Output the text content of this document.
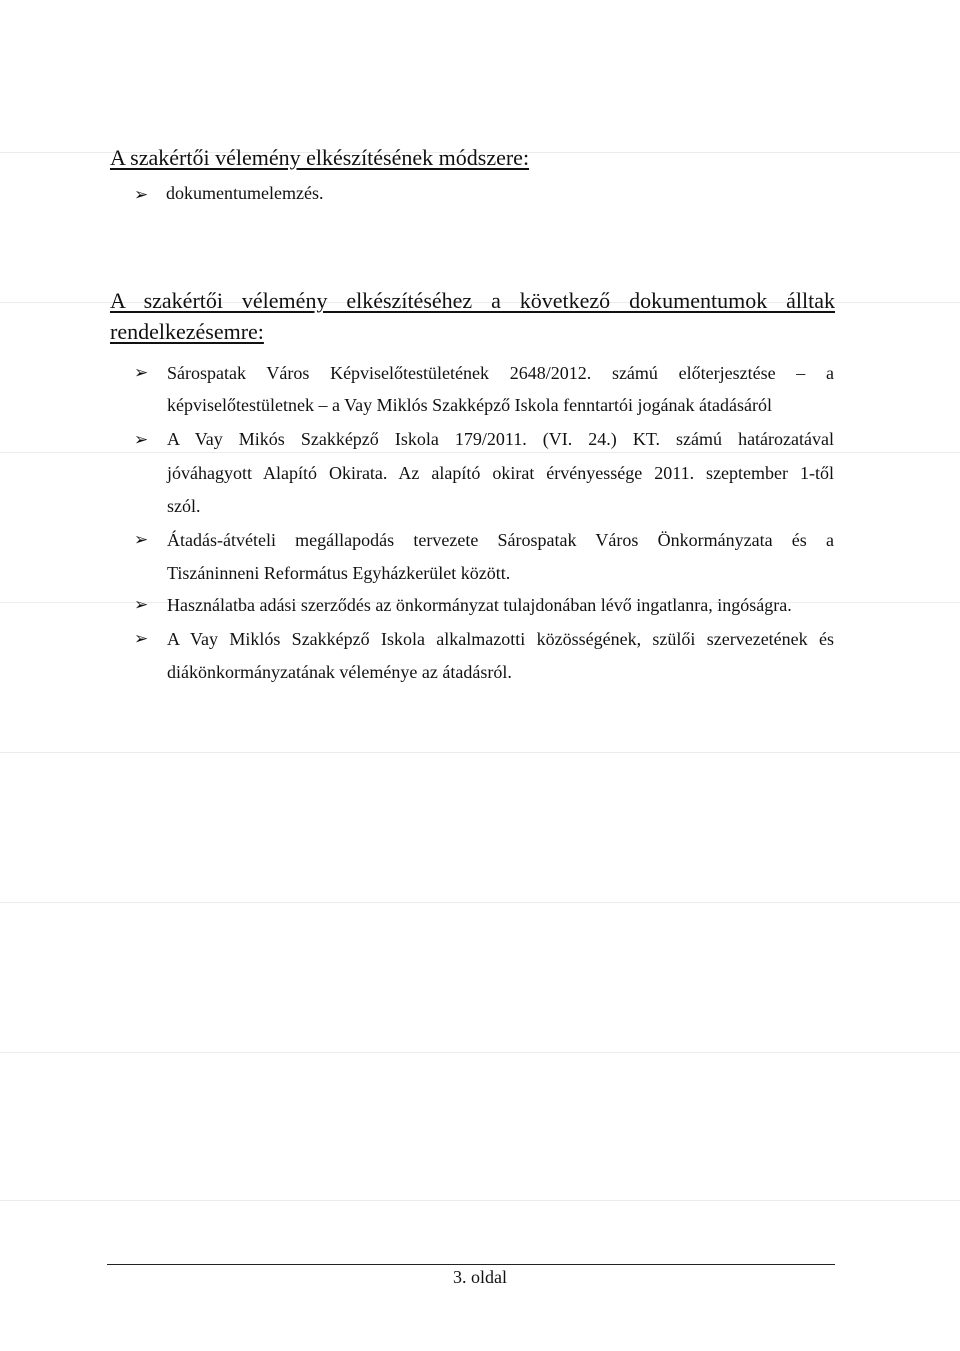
A szakértői vélemény elkészítésének módszere:
➢ dokumentumelemzés.
A szakértői vélemény elkészítéséhez a következő dokumentumok álltak
rendelkezésemre:
➢ Sárospatak Város Képviselőtestületének 2648/2012. számú előterjesztése – a
képviselőtestületnek – a Vay Miklós Szakképző Iskola fenntartói jogának átadásáról
➢ A Vay Mikós Szakképző Iskola 179/2011. (VI. 24.) KT. számú határozatával
jóváhagyott Alapító Okirata. Az alapító okirat érvényessége 2011. szeptember 1-től
szól.
➢ Átadás-átvételi megállapodás tervezete Sárospatak Város Önkormányzata és a
Tiszáninneni Református Egyházkerület között.
➢ Használatba adási szerződés az önkormányzat tulajdonában lévő ingatlanra, ingóságra.
➢ A Vay Miklós Szakképző Iskola alkalmazotti közösségének, szülői szervezetének és
diákönkormányzatának véleménye az átadásról.
3. oldal
